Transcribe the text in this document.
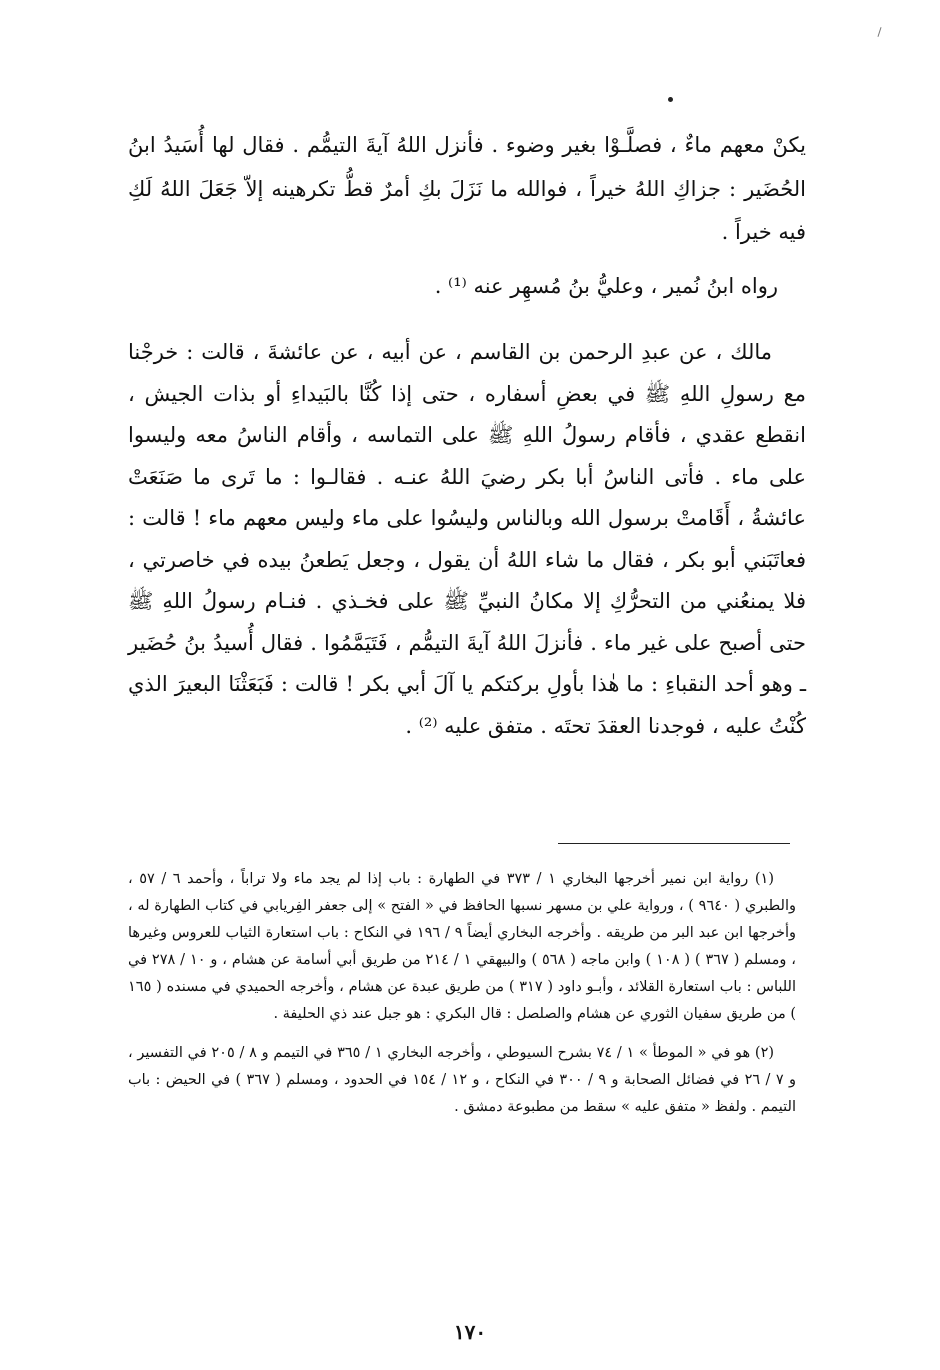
يكنْ معهم ماءٌ ، فصلَّـوْا بغير وضوء . فأنزل اللهُ آيةَ التيمُّم . فقال لها أُسَيدُ ابنُ الحُضَير : جزاكِ اللهُ خيراً ، فوالله ما نَزَلَ بكِ أمرٌ قطُّ تكرهينه إلاّ جَعَلَ اللهُ لَكِ فيه خيراً .

رواه ابنُ نُمير ، وعليُّ بنُ مُسهِر عنه ⁽¹⁾ .

مالك ، عن عبدِ الرحمن بن القاسم ، عن أبيه ، عن عائشةَ ، قالت : خرجْنا مع رسولِ اللهِ ﷺ في بعضِ أسفاره ، حتى إذا كُنَّا بالبَيداءِ أو بذات الجيش ، انقطع عقدي ، فأقام رسولُ اللهِ ﷺ على التماسه ، وأقام الناسُ معه وليسوا على ماء . فأتى الناسُ أبا بكر رضيَ اللهُ عنـه . فقالـوا : ما تَرى ما صَنَعَتْ عائشةُ ، أَقَامتْ برسول الله وبالناس وليسُوا على ماء وليس معهم ماء ! قالت : فعاتَبَني أبو بكر ، فقال ما شاء اللهُ أن يقول ، وجعل يَطعنُ بيده في خاصرتي ، فلا يمنعُني من التحرُّكِ إلا مكانُ النبيِّ ﷺ على فخـذي . فنـام رسولُ اللهِ ﷺ حتى أصبح على غير ماء . فأنزلَ اللهُ آيةَ التيمُّم ، فَتَيَمَّمُوا . فقال أُسيدُ بنُ حُضَير ـ وهو أحد النقباءِ : ما هٰذا بأولِ بركتكم يا آلَ أبي بكر ! قالت : فَبَعَثْنَا البعيرَ الذي كُنْتُ عليه ، فوجدنا العقدَ تحتَه . متفق عليه ⁽²⁾ .

(١) رواية ابن نمير أخرجها البخاري ١ / ٣٧٣ في الطهارة : باب إذا لم يجد ماء ولا تراباً ، وأحمد ٦ / ٥٧ ، والطبري ( ٩٦٤٠ ) ، ورواية علي بن مسهر نسبها الحافظ في « الفتح » إلى جعفر الفِريابي في كتاب الطهارة له ، وأخرجها ابن عبد البر من طريقه . وأخرجه البخاري أيضاً ٩ / ١٩٦ في النكاح : باب استعارة الثياب للعروس وغيرها ، ومسلم ( ٣٦٧ ) ( ١٠٨ ) وابن ماجه ( ٥٦٨ ) والبيهقي ١ / ٢١٤ من طريق أبي أسامة عن هشام ، و ١٠ / ٢٧٨ في اللباس : باب استعارة القلائد ، وأبـو داود ( ٣١٧ ) من طريق عبدة عن هشام ، وأخرجه الحميدي في مسنده ( ١٦٥ ) من طريق سفيان الثوري عن هشام والصلصل : قال البكري : هو جبل عند ذي الحليفة .

(٢) هو في « الموطأ » ١ / ٧٤ بشرح السيوطي ، وأخرجه البخاري ١ / ٣٦٥ في التيمم و ٨ / ٢٠٥ في التفسير ، و ٧ / ٢٦ في فضائل الصحابة و ٩ / ٣٠٠ في النكاح ، و ١٢ / ١٥٤ في الحدود ، ومسلم ( ٣٦٧ ) في الحيض : باب التيمم . ولفظ « متفق عليه » سقط من مطبوعة دمشق .

١٧٠
